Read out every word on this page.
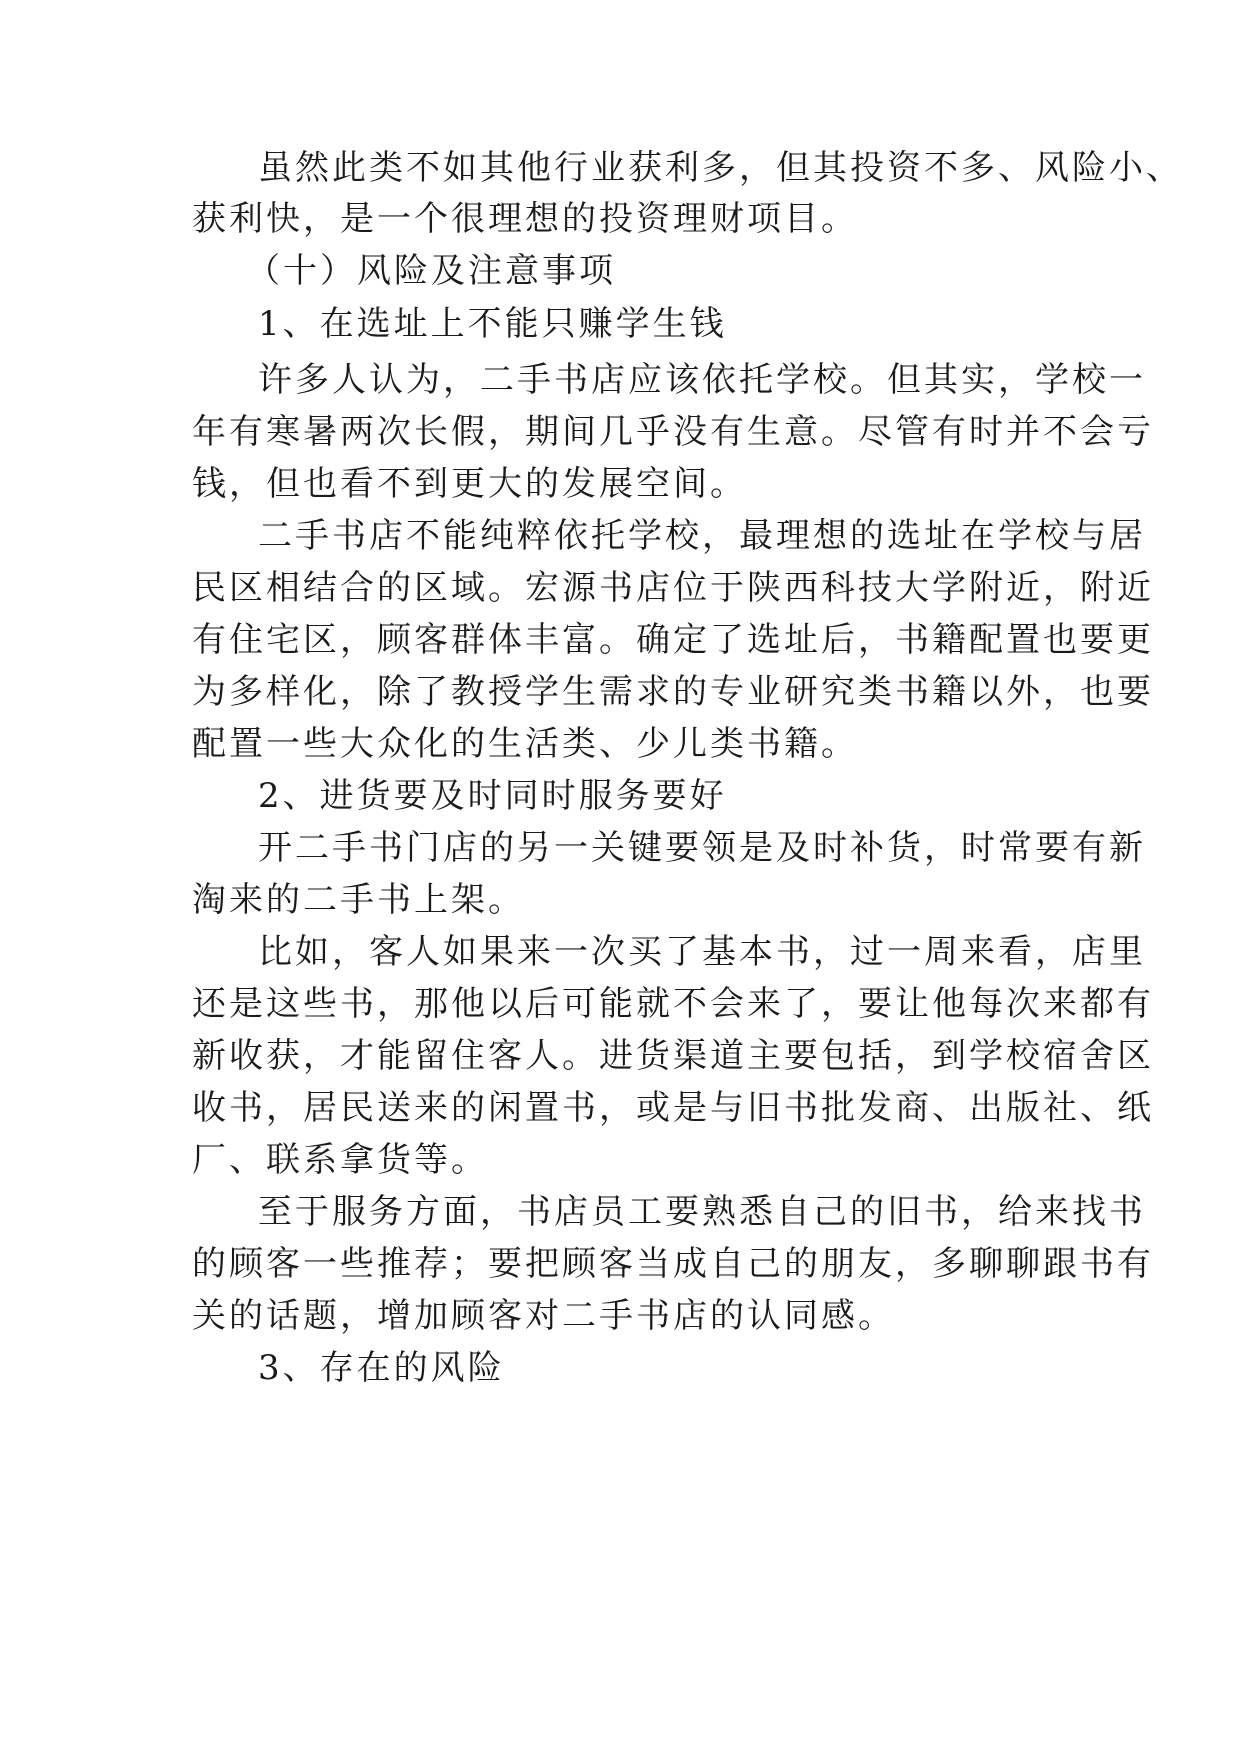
虽然此类不如其他行业获利多，但其投资不多、风险小、
获利快，是一个很理想的投资理财项目。
（十）风险及注意事项
1、在选址上不能只赚学生钱
许多人认为，二手书店应该依托学校。但其实，学校一
年有寒暑两次长假，期间几乎没有生意。尽管有时并不会亏
钱，但也看不到更大的发展空间。
二手书店不能纯粹依托学校，最理想的选址在学校与居
民区相结合的区域。宏源书店位于陕西科技大学附近，附近
有住宅区，顾客群体丰富。确定了选址后，书籍配置也要更
为多样化，除了教授学生需求的专业研究类书籍以外，也要
配置一些大众化的生活类、少儿类书籍。
2、进货要及时同时服务要好
开二手书门店的另一关键要领是及时补货，时常要有新
淘来的二手书上架。
比如，客人如果来一次买了基本书，过一周来看，店里
还是这些书，那他以后可能就不会来了，要让他每次来都有
新收获，才能留住客人。进货渠道主要包括，到学校宿舍区
收书，居民送来的闲置书，或是与旧书批发商、出版社、纸
厂、联系拿货等。
至于服务方面，书店员工要熟悉自己的旧书，给来找书
的顾客一些推荐；要把顾客当成自己的朋友，多聊聊跟书有
关的话题，增加顾客对二手书店的认同感。
3、存在的风险
